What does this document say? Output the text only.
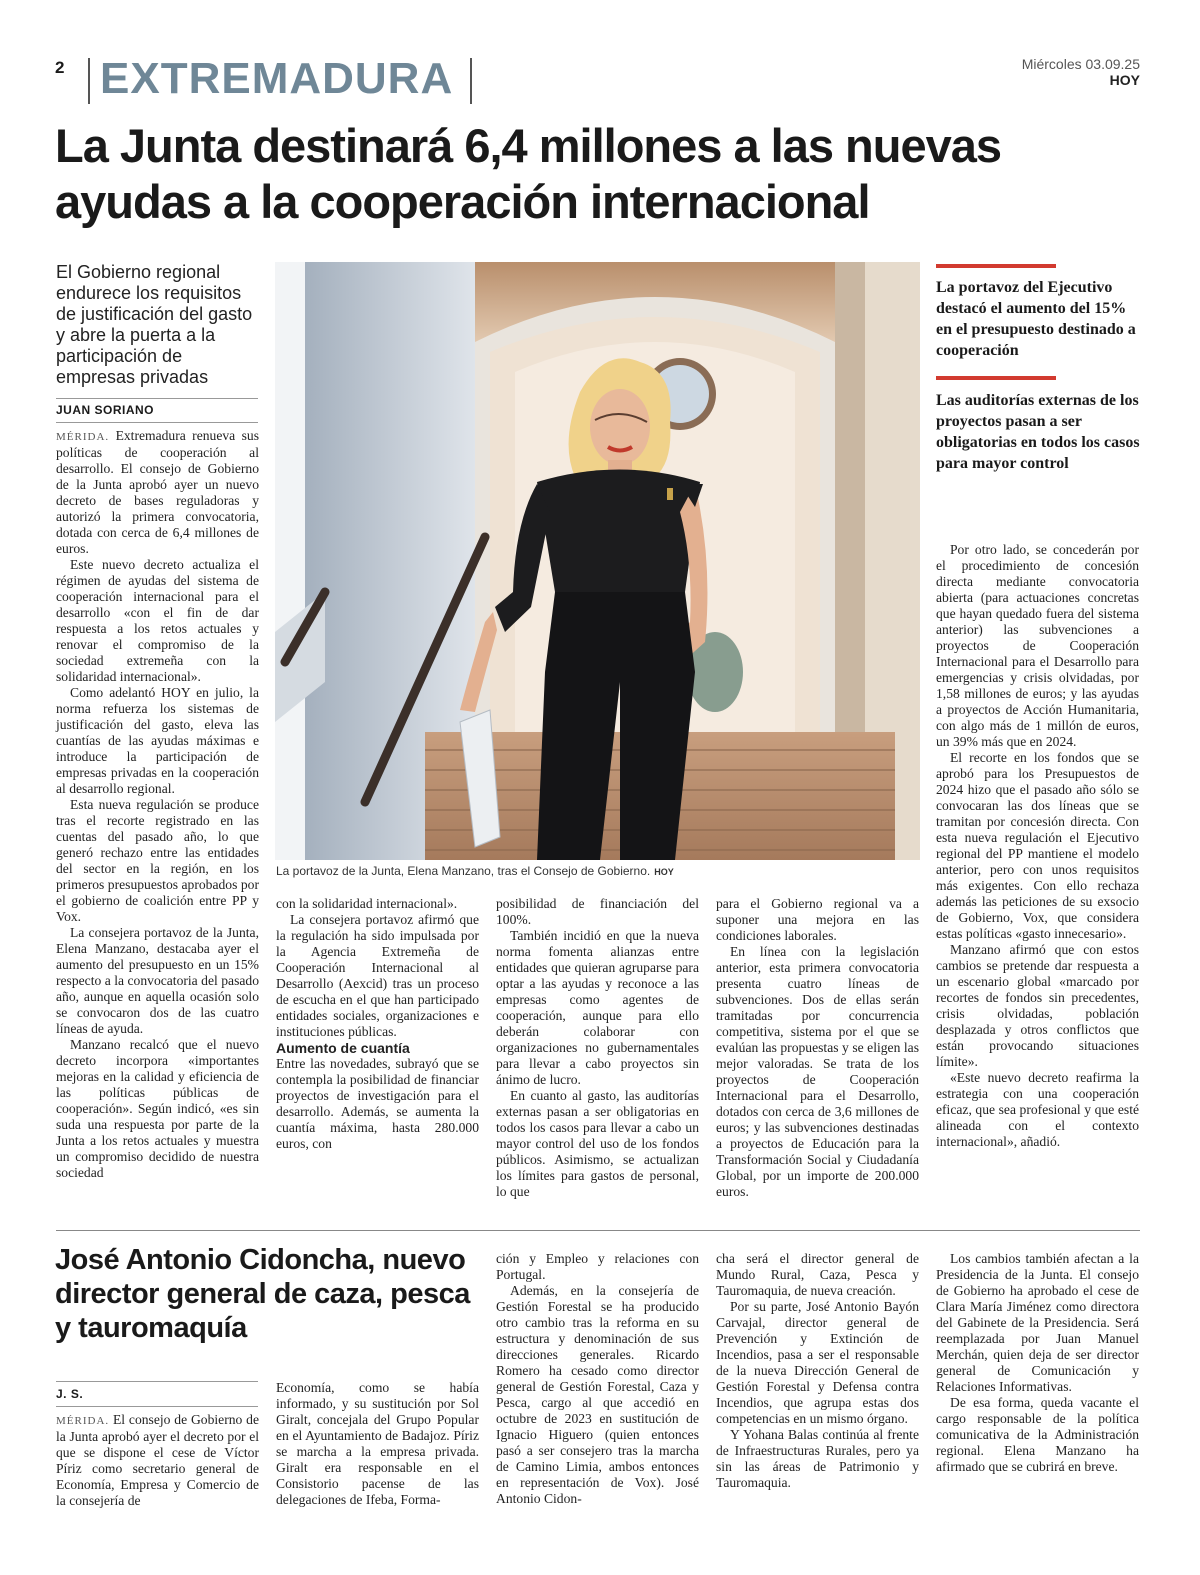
2 EXTREMADURA	Miércoles 03.09.25
HOY
La Junta destinará 6,4 millones a las nuevas ayudas a la cooperación internacional
El Gobierno regional endurece los requisitos de justificación del gasto y abre la puerta a la participación de empresas privadas
JUAN SORIANO

MÉRIDA. Extremadura renueva sus políticas de cooperación al desarrollo. El consejo de Gobierno de la Junta aprobó ayer un nuevo decreto de bases reguladoras y autorizó la primera convocatoria, dotada con cerca de 6,4 millones de euros.

Este nuevo decreto actualiza el régimen de ayudas del sistema de cooperación internacional para el desarrollo «con el fin de dar respuesta a los retos actuales y renovar el compromiso de la sociedad extremeña con la solidaridad internacional».

Como adelantó HOY en julio, la norma refuerza los sistemas de justificación del gasto, eleva las cuantías de las ayudas máximas e introduce la participación de empresas privadas en la cooperación al desarrollo regional.

Esta nueva regulación se produce tras el recorte registrado en las cuentas del pasado año, lo que generó rechazo entre las entidades del sector en la región, en los primeros presupuestos aprobados por el gobierno de coalición entre PP y Vox.

La consejera portavoz de la Junta, Elena Manzano, destacaba ayer el aumento del presupuesto en un 15% respecto a la convocatoria del pasado año, aunque en aquella ocasión solo se convocaron dos de las cuatro líneas de ayuda.

Manzano recalcó que el nuevo decreto incorpora «importantes mejoras en la calidad y eficiencia de las políticas públicas de cooperación». Según indicó, «es sin suda una respuesta por parte de la Junta a los retos actuales y muestra un compromiso decidido de nuestra sociedad

La portavoz de la Junta, Elena Manzano, tras el Consejo de Gobierno. HOY
La portavoz del Ejecutivo destacó el aumento del 15% en el presupuesto destinado a cooperación
Las auditorías externas de los proyectos pasan a ser obligatorias en todos los casos para mayor control

con la solidaridad internacional».

La consejera portavoz afirmó que la regulación ha sido impulsada por la Agencia Extremeña de Cooperación Internacional al Desarrollo (Aexcid) tras un proceso de escucha en el que han participado entidades sociales, organizaciones e instituciones públicas.

Aumento de cuantía

Entre las novedades, subrayó que se contempla la posibilidad de financiar proyectos de investigación para el desarrollo. Además, se aumenta la cuantía máxima, hasta 280.000 euros, con

posibilidad de financiación del 100%.

También incidió en que la nueva norma fomenta alianzas entre entidades que quieran agruparse para optar a las ayudas y reconoce a las empresas como agentes de cooperación, aunque para ello deberán colaborar con organizaciones no gubernamentales para llevar a cabo proyectos sin ánimo de lucro.

En cuanto al gasto, las auditorías externas pasan a ser obligatorias en todos los casos para llevar a cabo un mayor control del uso de los fondos públicos. Asimismo, se actualizan los límites para gastos de personal, lo que

para el Gobierno regional va a suponer una mejora en las condiciones laborales.

En línea con la legislación anterior, esta primera convocatoria presenta cuatro líneas de subvenciones. Dos de ellas serán tramitadas por concurrencia competitiva, sistema por el que se evalúan las propuestas y se eligen las mejor valoradas. Se trata de los proyectos de Cooperación Internacional para el Desarrollo, dotados con cerca de 3,6 millones de euros; y las subvenciones destinadas a proyectos de Educación para la Transformación Social y Ciudadanía Global, por un importe de 200.000 euros.

Por otro lado, se concederán por el procedimiento de concesión directa mediante convocatoria abierta (para actuaciones concretas que hayan quedado fuera del sistema anterior) las subvenciones a proyectos de Cooperación Internacional para el Desarrollo para emergencias y crisis olvidadas, por 1,58 millones de euros; y las ayudas a proyectos de Acción Humanitaria, con algo más de 1 millón de euros, un 39% más que en 2024.

El recorte en los fondos que se aprobó para los Presupuestos de 2024 hizo que el pasado año sólo se convocaran las dos líneas que se tramitan por concesión directa. Con esta nueva regulación el Ejecutivo regional del PP mantiene el modelo anterior, pero con unos requisitos más exigentes. Con ello rechaza además las peticiones de su exsocio de Gobierno, Vox, que considera estas políticas «gasto innecesario».

Manzano afirmó que con estos cambios se pretende dar respuesta a un escenario global «marcado por recortes de fondos sin precedentes, crisis olvidadas, población desplazada y otros conflictos que están provocando situaciones límite».

«Este nuevo decreto reafirma la estrategia con una cooperación eficaz, que sea profesional y que esté alineada con el contexto internacional», añadió.

José Antonio Cidoncha, nuevo director general de caza, pesca y tauromaquía
J. S.

MÉRIDA. El consejo de Gobierno de la Junta aprobó ayer el decreto por el que se dispone el cese de Víctor Píriz como secretario general de Economía, Empresa y Comercio de la consejería de

Economía, como se había informado, y su sustitución por Sol Giralt, concejala del Grupo Popular en el Ayuntamiento de Badajoz. Píriz se marcha a la empresa privada. Giralt era responsable en el Consistorio pacense de las delegaciones de Ifeba, Forma-

ción y Empleo y relaciones con Portugal.

Además, en la consejería de Gestión Forestal se ha producido otro cambio tras la reforma en su estructura y denominación de sus direcciones generales. Ricardo Romero ha cesado como director general de Gestión Forestal, Caza y Pesca, cargo al que accedió en octubre de 2023 en sustitución de Ignacio Higuero (quien entonces pasó a ser consejero tras la marcha de Camino Limia, ambos entonces en representación de Vox). José Antonio Cidon-

cha será el director general de Mundo Rural, Caza, Pesca y Tauromaquia, de nueva creación.

Por su parte, José Antonio Bayón Carvajal, director general de Prevención y Extinción de Incendios, pasa a ser el responsable de la nueva Dirección General de Gestión Forestal y Defensa contra Incendios, que agrupa estas dos competencias en un mismo órgano.

Y Yohana Balas continúa al frente de Infraestructuras Rurales, pero ya sin las áreas de Patrimonio y Tauromaquia.

Los cambios también afectan a la Presidencia de la Junta. El consejo de Gobierno ha aprobado el cese de Clara María Jiménez como directora del Gabinete de la Presidencia. Será reemplazada por Juan Manuel Merchán, quien deja de ser director general de Comunicación y Relaciones Informativas.

De esa forma, queda vacante el cargo responsable de la política comunicativa de la Administración regional. Elena Manzano ha afirmado que se cubrirá en breve.
